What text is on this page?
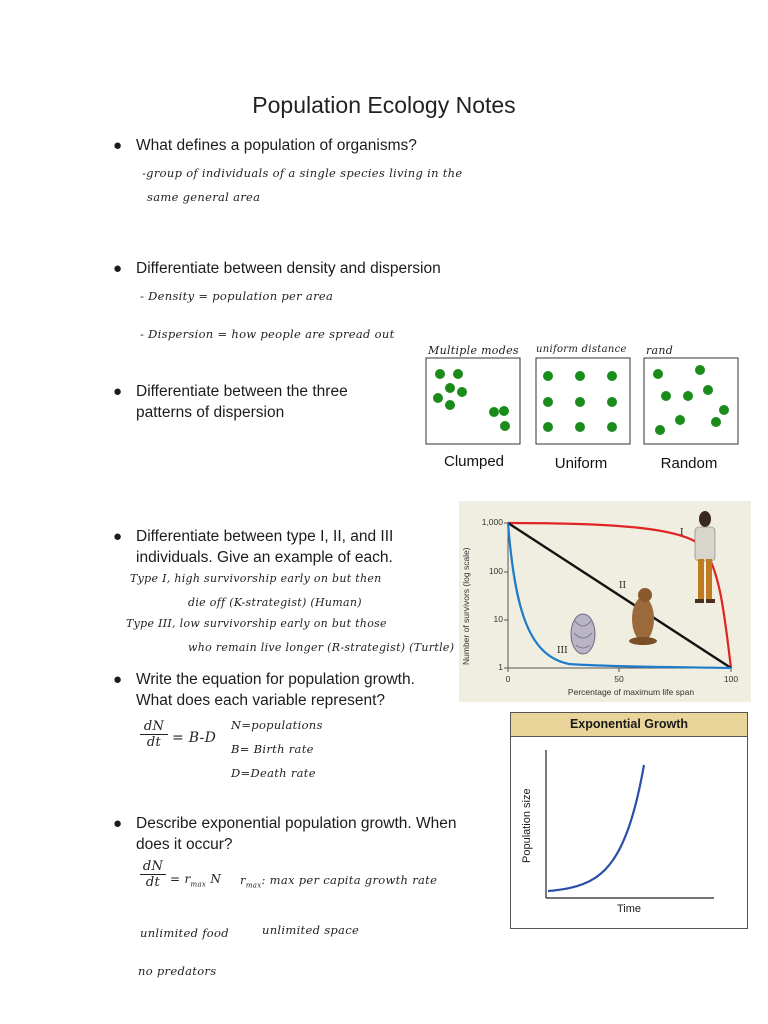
Population Ecology Notes
● What defines a population of organisms?
-group of individuals of a single species living in the
same general area
● Differentiate between density and dispersion
- Density = population per area
- Dispersion = how people are spread out
● Differentiate between the three
patterns of dispersion
Multiple modes uniform distance rand
Clumped	Uniform	Random
● Differentiate between type I, II, and III
individuals. Give an example of each.
Type I, high survivorship early on but then
die off (K-strategist) (Human)
Type III, low survivorship early on but those
who remain live longer (R-strategist) (Turtle) Number of survivors (log scale)
1,000
100
10
1
0	50	100
Percentage of maximum life span
I
II
III
● Write the equation for population growth.
What does each variable represent?
dN
dt = B-D
N=populations
B= Birth rate
D=Death rate
Exponential Growth
Time
Population size
● Describe exponential population growth. When
does it occur?
dN
dt = $r_{max}$ N $r_{max}$: max per capita growth rate
unlimited food	unlimited space
no predators
